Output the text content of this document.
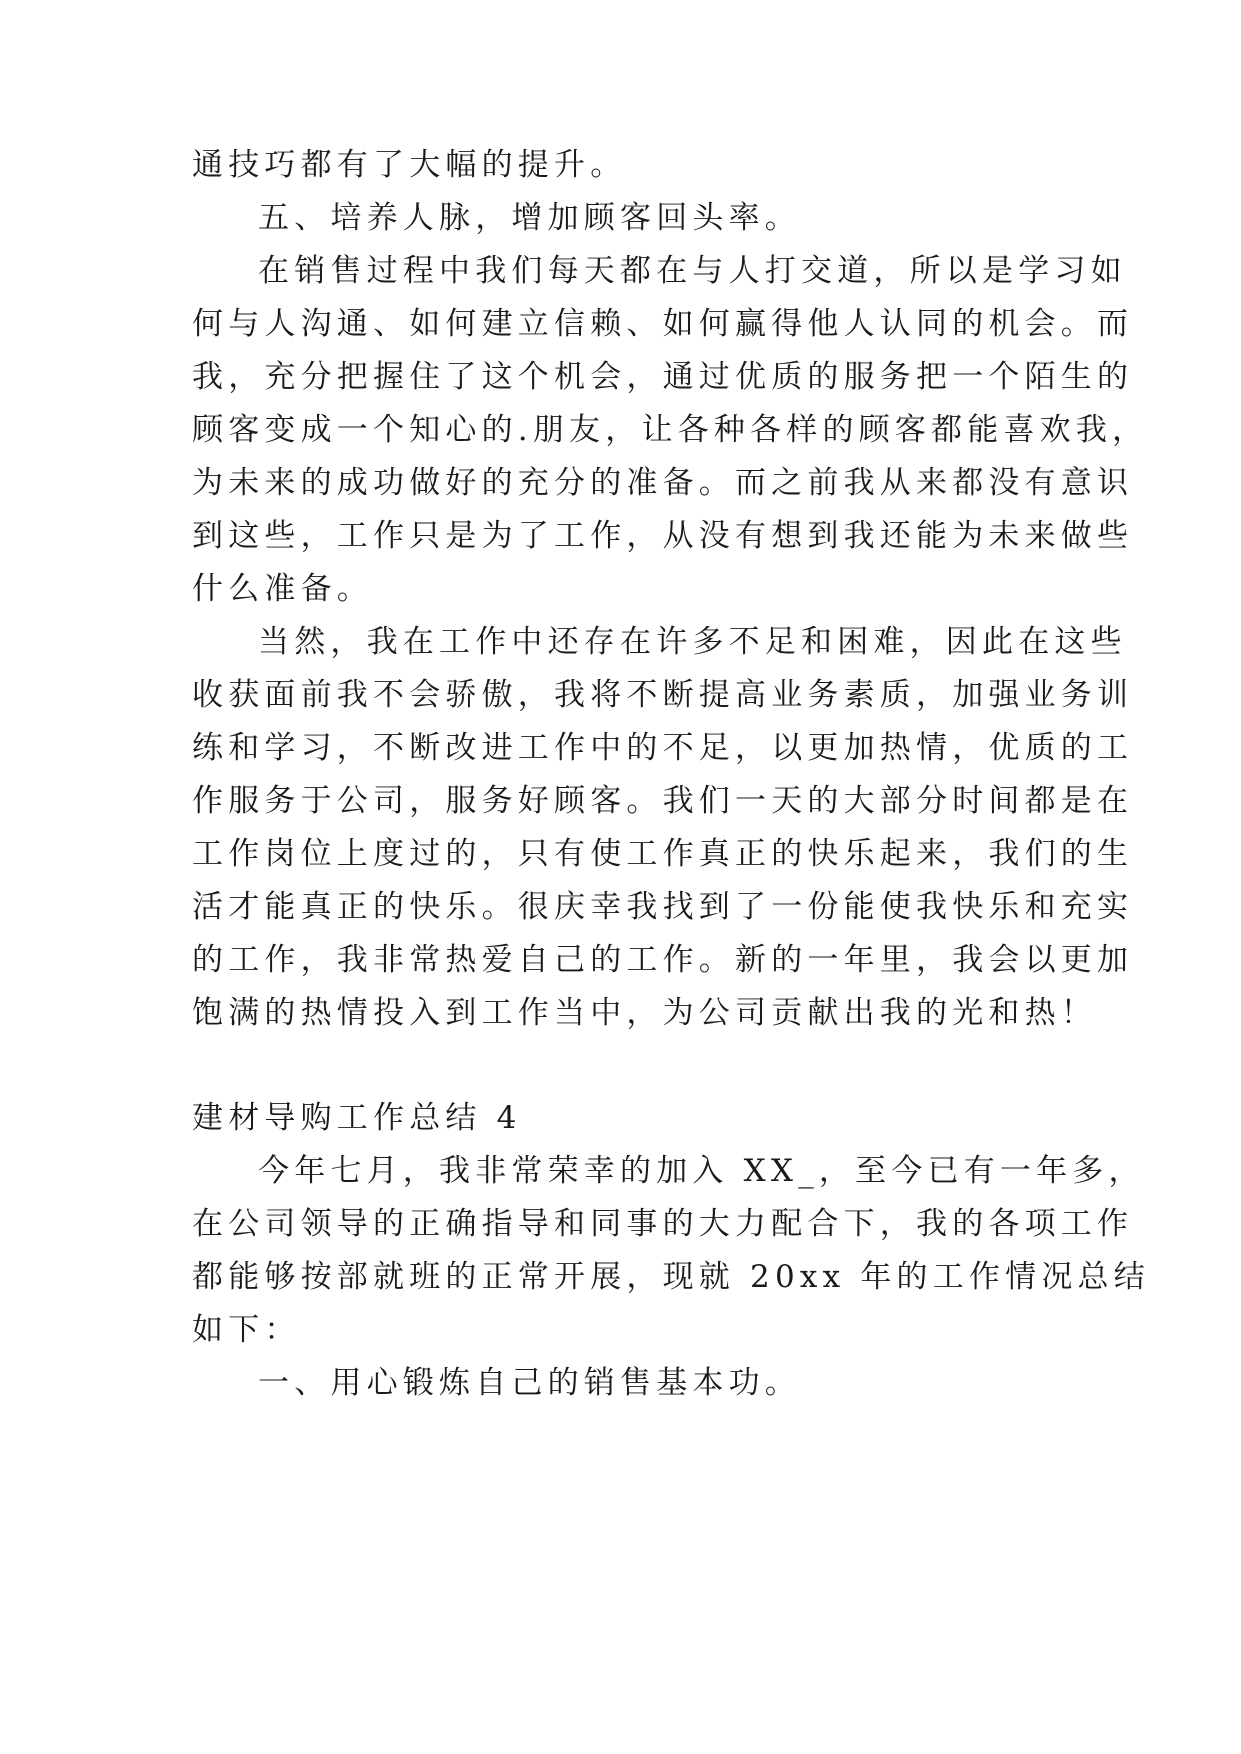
通技巧都有了大幅的提升。
五、培养人脉，增加顾客回头率。
在销售过程中我们每天都在与人打交道，所以是学习如
何与人沟通、如何建立信赖、如何赢得他人认同的机会。而
我，充分把握住了这个机会，通过优质的服务把一个陌生的
顾客变成一个知心的.朋友，让各种各样的顾客都能喜欢我，
为未来的成功做好的充分的准备。而之前我从来都没有意识
到这些，工作只是为了工作，从没有想到我还能为未来做些
什么准备。
当然，我在工作中还存在许多不足和困难，因此在这些
收获面前我不会骄傲，我将不断提高业务素质，加强业务训
练和学习，不断改进工作中的不足，以更加热情，优质的工
作服务于公司，服务好顾客。我们一天的大部分时间都是在
工作岗位上度过的，只有使工作真正的快乐起来，我们的生
活才能真正的快乐。很庆幸我找到了一份能使我快乐和充实
的工作，我非常热爱自己的工作。新的一年里，我会以更加
饱满的热情投入到工作当中，为公司贡献出我的光和热！
建材导购工作总结 4
今年七月，我非常荣幸的加入 XX_，至今已有一年多，
在公司领导的正确指导和同事的大力配合下，我的各项工作
都能够按部就班的正常开展，现就 20xx 年的工作情况总结
如下：
一、用心锻炼自己的销售基本功。
